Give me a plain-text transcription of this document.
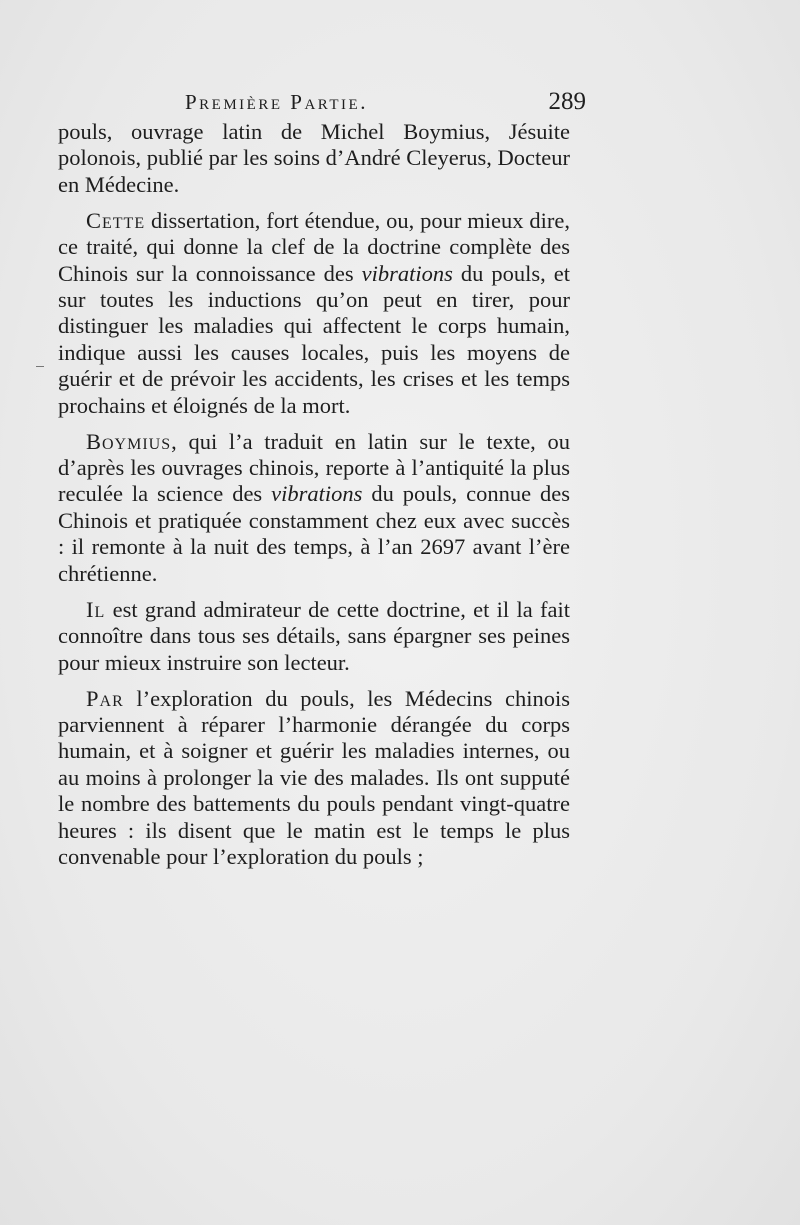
Première Partie.	289

pouls, ouvrage latin de Michel Boymius, Jésuite polonois, publié par les soins d’André Cleyerus, Docteur en Médecine.

Cette dissertation, fort étendue, ou, pour mieux dire, ce traité, qui donne la clef de la doctrine complète des Chinois sur la connoissance des vibrations du pouls, et sur toutes les inductions qu’on peut en tirer, pour distinguer les maladies qui affectent le corps humain, indique aussi les causes locales, puis les moyens de guérir et de prévoir les accidents, les crises et les temps prochains et éloignés de la mort.

Boymius, qui l’a traduit en latin sur le texte, ou d’après les ouvrages chinois, reporte à l’antiquité la plus reculée la science des vibrations du pouls, connue des Chinois et pratiquée constamment chez eux avec succès : il remonte à la nuit des temps, à l’an 2697 avant l’ère chrétienne.

Il est grand admirateur de cette doctrine, et il la fait connoître dans tous ses détails, sans épargner ses peines pour mieux instruire son lecteur.

Par l’exploration du pouls, les Médecins chinois parviennent à réparer l’harmonie dérangée du corps humain, et à soigner et guérir les maladies internes, ou au moins à prolonger la vie des malades. Ils ont supputé le nombre des battements du pouls pendant vingt-quatre heures : ils disent que le matin est le temps le plus convenable pour l’exploration du pouls ;
